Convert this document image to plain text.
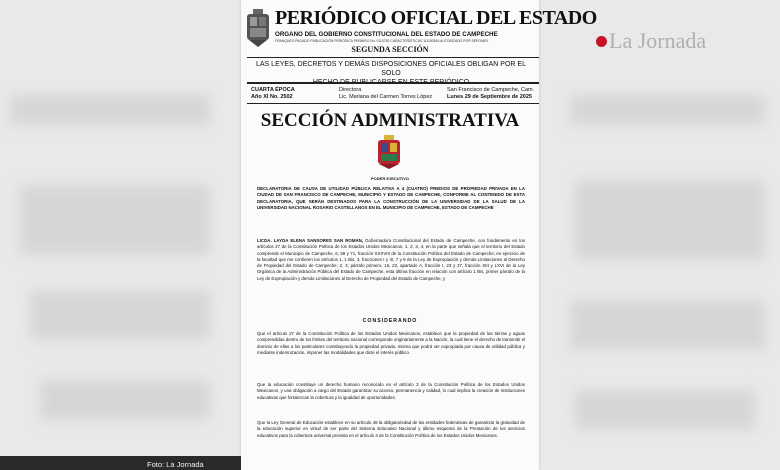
PERIÓDICO OFICIAL DEL ESTADO
ORGANO DEL GOBIERNO CONSTITUCIONAL DEL ESTADO DE CAMPECHE
FRANQUEO PAGADO PUBLICACIÓN PERIÓDICA PERMISO No. 0110782 CARACTERÍSTICAS 111182816 AUTORIZADO POR SEPOMEX
SEGUNDA SECCIÓN
LAS LEYES, DECRETOS Y DEMÁS DISPOSICIONES OFICIALES OBLIGAN POR EL SOLO
CUARTA ÉPOCA
Año XI No. 2502
Directora
Lic. Mariana del Carmen Torres López
San Francisco de Campeche, Cam.
Lunes 29 de Septiembre de 2025
SECCIÓN ADMINISTRATIVA
PODER EJECUTIVO
DECLARATORIA DE CAUSA DE UTILIDAD PÚBLICA RELATIVA A 4 (CUATRO) PREDIOS DE PROPIEDAD PRIVADA EN LA CIUDAD DE SAN FRANCISCO DE CAMPECHE, MUNICIPIO Y ESTADO DE CAMPECHE, CONFORME AL CONTENIDO DE ESTA DECLARATORIA, QUE SERÁN DESTINADOS PARA LA CONSTRUCCIÓN DE LA UNIVERSIDAD DE LA SALUD DE LA UNIVERSIDAD NACIONAL ROSARIO CASTELLANOS EN EL MUNICIPIO DE CAMPECHE, ESTADO DE CAMPECHE
LICDA. LAYDA ELENA SANSORES SAN ROMÁN, Gobernadora Constitucional del Estado de Campeche, con fundamento en los artículos 27 de la Constitución Política de los Estados Unidos Mexicanos, 1, 2, 3, 4, en la parte que señala que el territorio del Estado comprende el Municipio de Campeche, 6, 59 y 71, fracción XXXVIII de la Constitución Política del Estado de Campeche; en ejercicio de la facultad que me confieren los artículos 1, 1 Bis, 3, fracciones I y III, 7 y 9 de la Ley de Expropiación y demás Limitaciones al Derecho de Propiedad del Estado de Campeche; 2, 3, párrafo primero, 16, 22, apartado A, fracción I, 23 y 27, fracción XIII y LXVI de la Ley Orgánica de la Administración Pública del Estado de Campeche, esta última fracción en relación con artículo 1 Bis, primer párrafo de la Ley de Expropiación y demás Limitaciones al Derecho de Propiedad del Estado de Campeche, y
CONSIDERANDO
Que el artículo 27 de la Constitución Política de los Estados Unidos Mexicanos, establece que la propiedad de las tierras y aguas comprendidas dentro de los límites del territorio nacional corresponde originariamente a la Nación, la cual tiene el derecho de transmitir el dominio de ellas a los particulares constituyendo la propiedad privada, misma que podrá ser expropiada por causa de utilidad pública y mediante indemnización, imponer las modalidades que dicte el interés público.
Que la educación constituye un derecho humano reconocido en el artículo 3 de la Constitución Política de los Estados Unidos Mexicanos, y una obligación a cargo del Estado garantizar su acceso, permanencia y calidad, lo cual implica la creación de instituciones educativas que fortalezcan la cobertura y la igualdad de oportunidades.
Que la Ley General de Educación establece en su artículo 48 la obligatoriedad de las entidades federativas de garantizar la gratuidad de la educación superior en virtud de ser parte del Sistema Educativo Nacional y último esquema de la Prestación de los servicios educativos para la cobertura universal prevista en el artículo 3 de la Constitución Política de los Estados Unidos Mexicanos.
La Jornada
Foto: La Jornada
